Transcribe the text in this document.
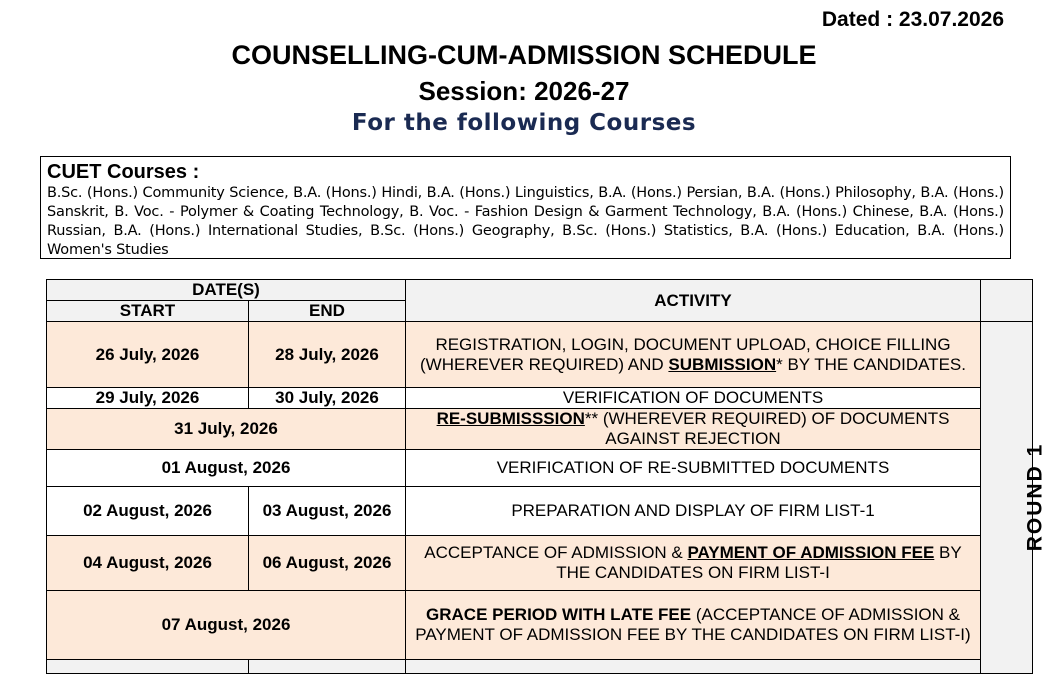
Dated : 23.07.2026
COUNSELLING-CUM-ADMISSION SCHEDULE
Session: 2026-27
For the following Courses
CUET Courses :
B.Sc. (Hons.) Community Science, B.A. (Hons.) Hindi, B.A. (Hons.) Linguistics, B.A. (Hons.) Persian, B.A. (Hons.) Philosophy, B.A. (Hons.) Sanskrit, B. Voc. - Polymer & Coating Technology, B. Voc. - Fashion Design & Garment Technology, B.A. (Hons.) Chinese, B.A. (Hons.) Russian, B.A. (Hons.) International Studies, B.Sc. (Hons.) Geography, B.Sc. (Hons.) Statistics, B.A. (Hons.) Education, B.A. (Hons.) Women's Studies
DATE(S)		ACTIVITY	
START	END		
26 July, 2026	28 July, 2026	REGISTRATION, LOGIN, DOCUMENT UPLOAD, CHOICE FILLING (WHEREVER REQUIRED) AND SUBMISSION* BY THE CANDIDATES.	ROUND 1
29 July, 2026	30 July, 2026	VERIFICATION OF DOCUMENTS	
31 July, 2026		RE-SUBMISSSION** (WHEREVER REQUIRED) OF DOCUMENTS AGAINST REJECTION	
01 August, 2026		VERIFICATION OF RE-SUBMITTED DOCUMENTS	
02 August, 2026	03 August, 2026	PREPARATION AND DISPLAY OF FIRM LIST-1	
04 August, 2026	06 August, 2026	ACCEPTANCE OF ADMISSION & PAYMENT OF ADMISSION FEE BY THE CANDIDATES ON FIRM LIST-I	
07 August, 2026		GRACE PERIOD WITH LATE FEE (ACCEPTANCE OF ADMISSION & PAYMENT OF ADMISSION FEE BY THE CANDIDATES ON FIRM LIST-I)	
